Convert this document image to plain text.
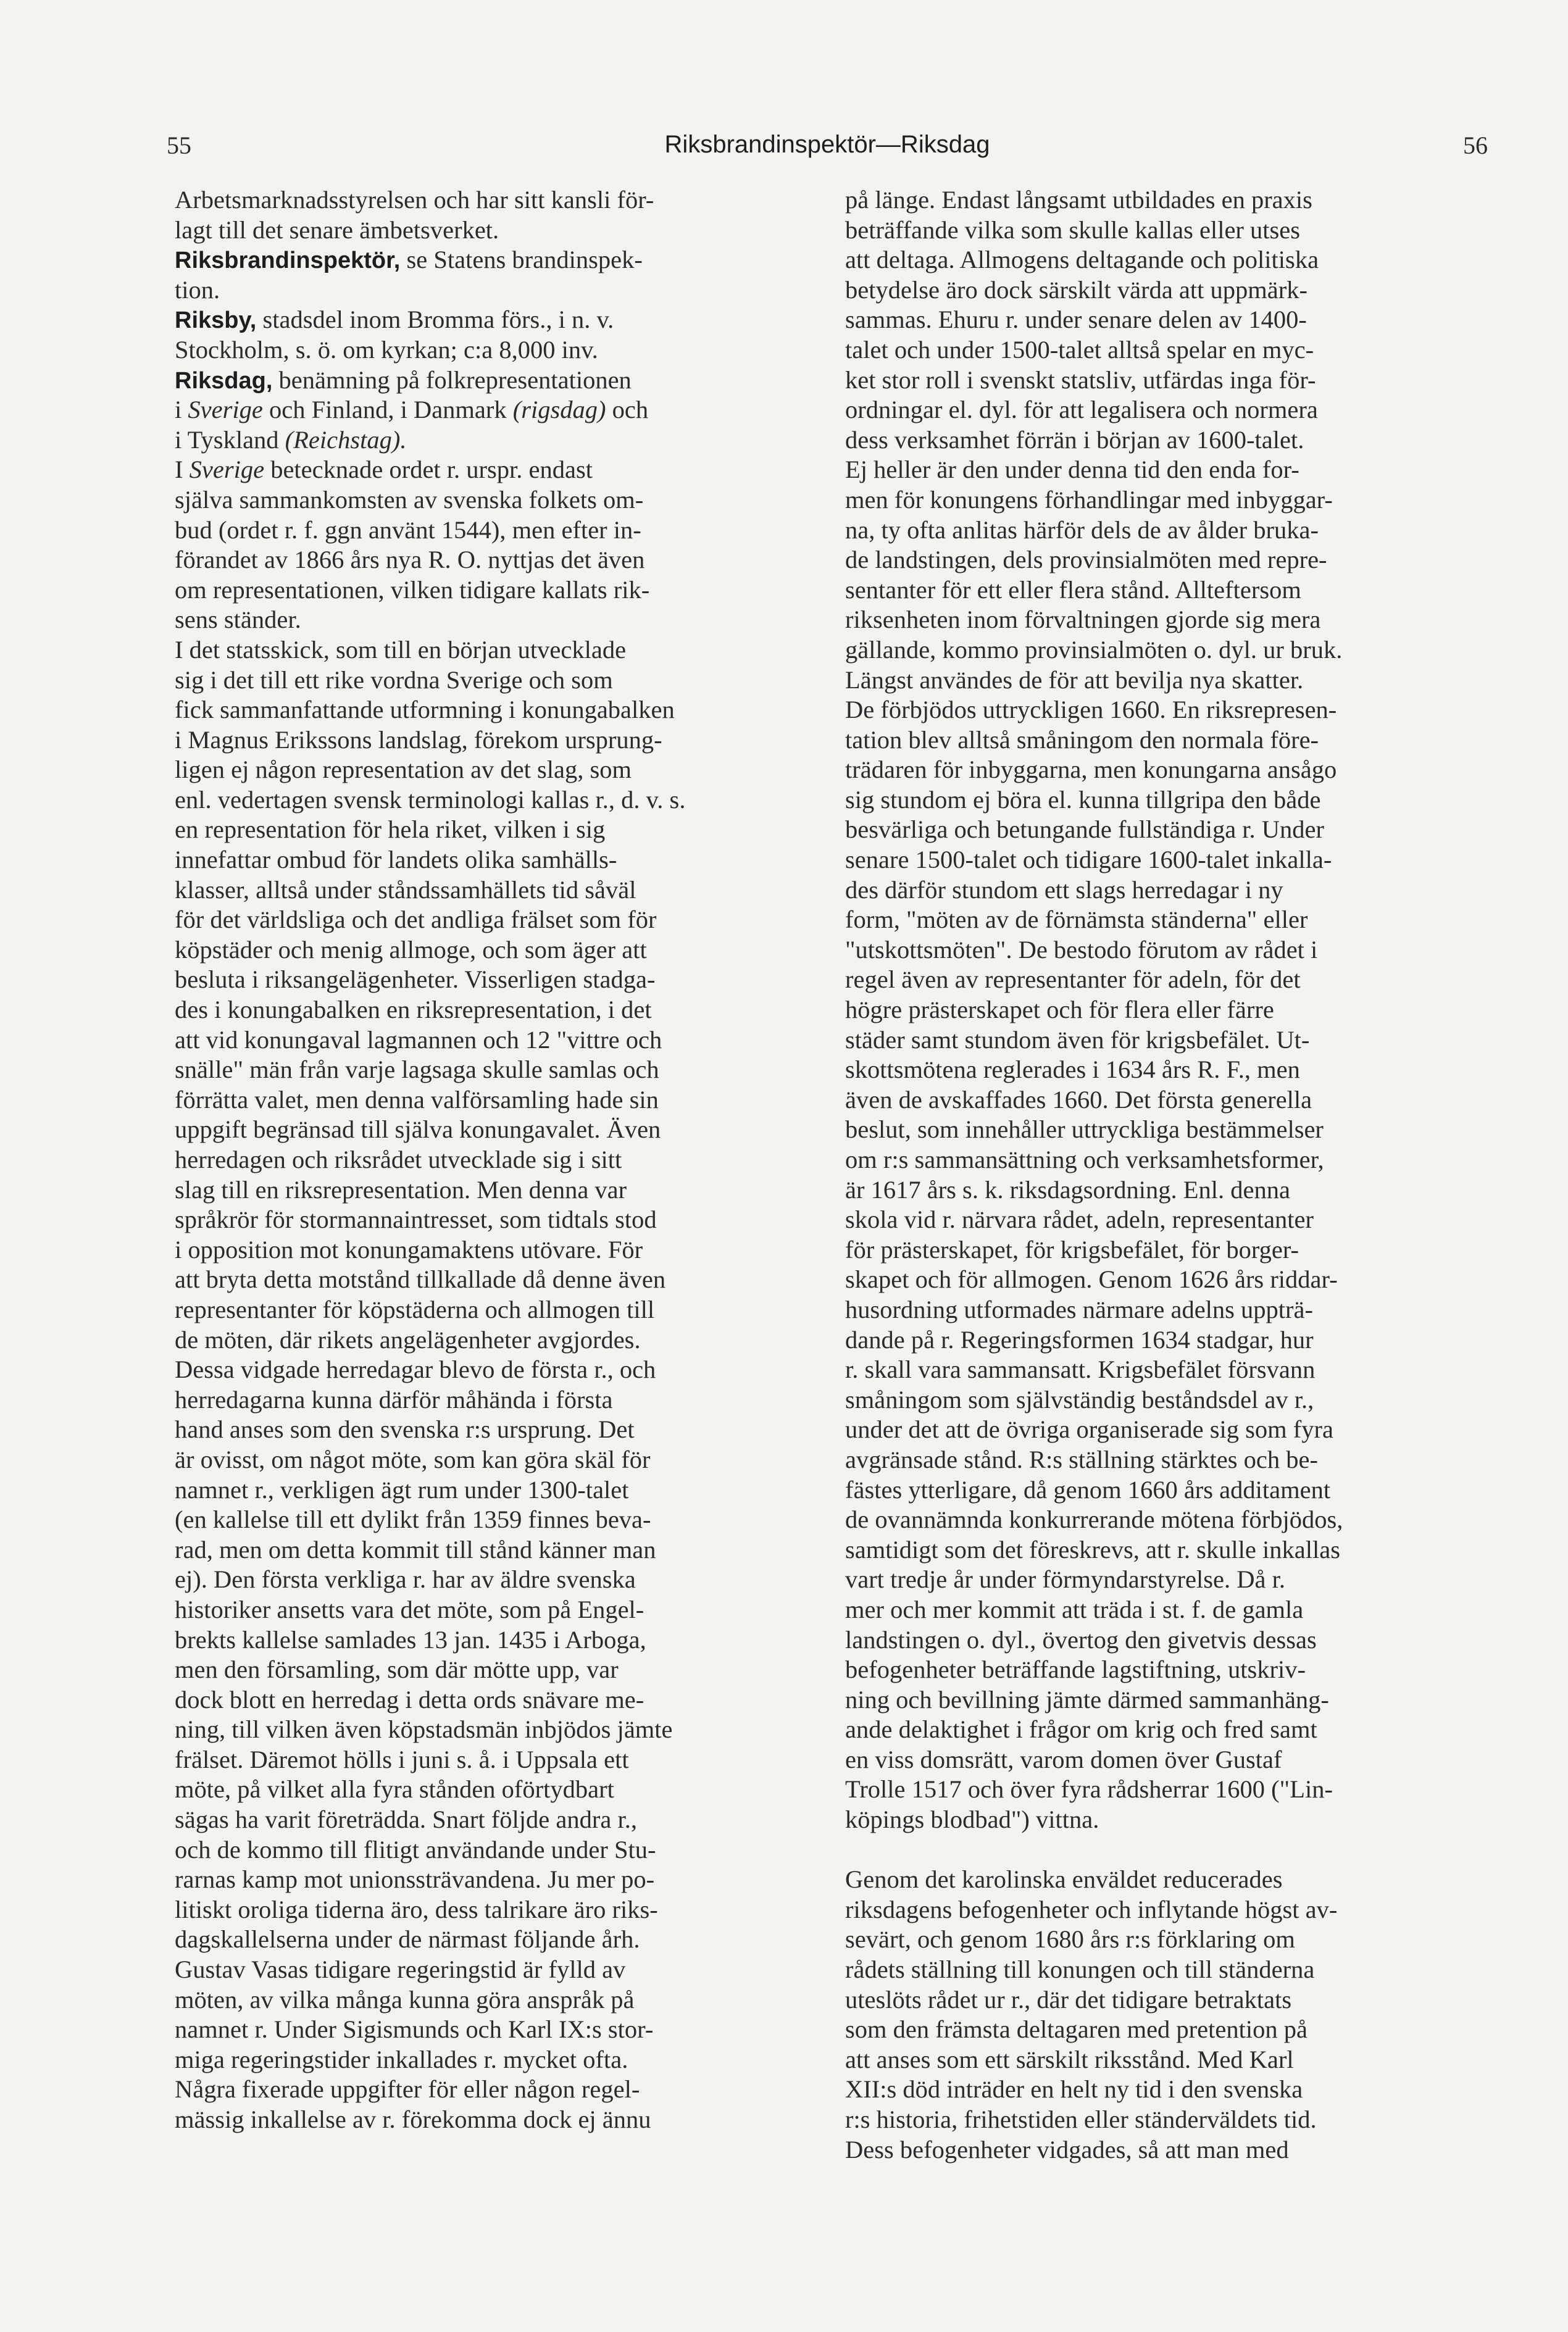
55	Riksbrandinspektör—Riksdag	56
Arbetsmarknadsstyrelsen och har sitt kansli för-
lagt till det senare ämbetsverket.
Riksbrandinspektör, se Statens brandinspek-
tion.
Riksby, stadsdel inom Bromma förs., i n. v.
Stockholm, s. ö. om kyrkan; c:a 8,000 inv.
Riksdag, benämning på folkrepresentationen
i Sverige och Finland, i Danmark (rigsdag) och
i Tyskland (Reichstag).
I Sverige betecknade ordet r. urspr. endast
själva sammankomsten av svenska folkets om-
bud (ordet r. f. ggn använt 1544), men efter in-
förandet av 1866 års nya R. O. nyttjas det även
om representationen, vilken tidigare kallats rik-
sens ständer.
I det statsskick, som till en början utvecklade
sig i det till ett rike vordna Sverige och som
fick sammanfattande utformning i konungabalken
i Magnus Erikssons landslag, förekom ursprung-
ligen ej någon representation av det slag, som
enl. vedertagen svensk terminologi kallas r., d. v. s.
en representation för hela riket, vilken i sig
innefattar ombud för landets olika samhälls-
klasser, alltså under ståndssamhällets tid såväl
för det världsliga och det andliga frälset som för
köpstäder och menig allmoge, och som äger att
besluta i riksangelägenheter. Visserligen stadga-
des i konungabalken en riksrepresentation, i det
att vid konungaval lagmannen och 12 "vittre och
snälle" män från varje lagsaga skulle samlas och
förrätta valet, men denna valförsamling hade sin
uppgift begränsad till själva konungavalet. Även
herredagen och riksrådet utvecklade sig i sitt
slag till en riksrepresentation. Men denna var
språkrör för stormannaintresset, som tidtals stod
i opposition mot konungamaktens utövare. För
att bryta detta motstånd tillkallade då denne även
representanter för köpstäderna och allmogen till
de möten, där rikets angelägenheter avgjordes.
Dessa vidgade herredagar blevo de första r., och
herredagarna kunna därför måhända i första
hand anses som den svenska r:s ursprung. Det
är ovisst, om något möte, som kan göra skäl för
namnet r., verkligen ägt rum under 1300-talet
(en kallelse till ett dylikt från 1359 finnes beva-
rad, men om detta kommit till stånd känner man
ej). Den första verkliga r. har av äldre svenska
historiker ansetts vara det möte, som på Engel-
brekts kallelse samlades 13 jan. 1435 i Arboga,
men den församling, som där mötte upp, var
dock blott en herredag i detta ords snävare me-
ning, till vilken även köpstadsmän inbjödos jämte
frälset. Däremot hölls i juni s. å. i Uppsala ett
möte, på vilket alla fyra stånden oförtydbart
sägas ha varit företrädda. Snart följde andra r.,
och de kommo till flitigt användande under Stu-
rarnas kamp mot unionssträvandena. Ju mer po-
litiskt oroliga tiderna äro, dess talrikare äro riks-
dagskallelserna under de närmast följande årh.
Gustav Vasas tidigare regeringstid är fylld av
möten, av vilka många kunna göra anspråk på
namnet r. Under Sigismunds och Karl IX:s stor-
miga regeringstider inkallades r. mycket ofta.
Några fixerade uppgifter för eller någon regel-
mässig inkallelse av r. förekomma dock ej ännu
på länge. Endast långsamt utbildades en praxis
beträffande vilka som skulle kallas eller utses
att deltaga. Allmogens deltagande och politiska
betydelse äro dock särskilt värda att uppmärk-
sammas. Ehuru r. under senare delen av 1400-
talet och under 1500-talet alltså spelar en myc-
ket stor roll i svenskt statsliv, utfärdas inga för-
ordningar el. dyl. för att legalisera och normera
dess verksamhet förrän i början av 1600-talet.
Ej heller är den under denna tid den enda for-
men för konungens förhandlingar med inbyggar-
na, ty ofta anlitas härför dels de av ålder bruka-
de landstingen, dels provinsialmöten med repre-
sentanter för ett eller flera stånd. Allteftersom
riksenheten inom förvaltningen gjorde sig mera
gällande, kommo provinsialmöten o. dyl. ur bruk.
Längst användes de för att bevilja nya skatter.
De förbjödos uttryckligen 1660. En riksrepresen-
tation blev alltså småningom den normala före-
trädaren för inbyggarna, men konungarna ansågo
sig stundom ej böra el. kunna tillgripa den både
besvärliga och betungande fullständiga r. Under
senare 1500-talet och tidigare 1600-talet inkalla-
des därför stundom ett slags herredagar i ny
form, "möten av de förnämsta ständerna" eller
"utskottsmöten". De bestodo förutom av rådet i
regel även av representanter för adeln, för det
högre prästerskapet och för flera eller färre
städer samt stundom även för krigsbefälet. Ut-
skottsmötena reglerades i 1634 års R. F., men
även de avskaffades 1660. Det första generella
beslut, som innehåller uttryckliga bestämmelser
om r:s sammansättning och verksamhetsformer,
är 1617 års s. k. riksdagsordning. Enl. denna
skola vid r. närvara rådet, adeln, representanter
för prästerskapet, för krigsbefälet, för borger-
skapet och för allmogen. Genom 1626 års riddar-
husordning utformades närmare adelns uppträ-
dande på r. Regeringsformen 1634 stadgar, hur
r. skall vara sammansatt. Krigsbefälet försvann
småningom som självständig beståndsdel av r.,
under det att de övriga organiserade sig som fyra
avgränsade stånd. R:s ställning stärktes och be-
fästes ytterligare, då genom 1660 års additament
de ovannämnda konkurrerande mötena förbjödos,
samtidigt som det föreskrevs, att r. skulle inkallas
vart tredje år under förmyndarstyrelse. Då r.
mer och mer kommit att träda i st. f. de gamla
landstingen o. dyl., övertog den givetvis dessas
befogenheter beträffande lagstiftning, utskriv-
ning och bevillning jämte därmed sammanhäng-
ande delaktighet i frågor om krig och fred samt
en viss domsrätt, varom domen över Gustaf
Trolle 1517 och över fyra rådsherrar 1600 ("Lin-
köpings blodbad") vittna.
Genom det karolinska enväldet reducerades
riksdagens befogenheter och inflytande högst av-
sevärt, och genom 1680 års r:s förklaring om
rådets ställning till konungen och till ständerna
uteslöts rådet ur r., där det tidigare betraktats
som den främsta deltagaren med pretention på
att anses som ett särskilt riksstånd. Med Karl
XII:s död inträder en helt ny tid i den svenska
r:s historia, frihetstiden eller ständerväldets tid.
Dess befogenheter vidgades, så att man med
